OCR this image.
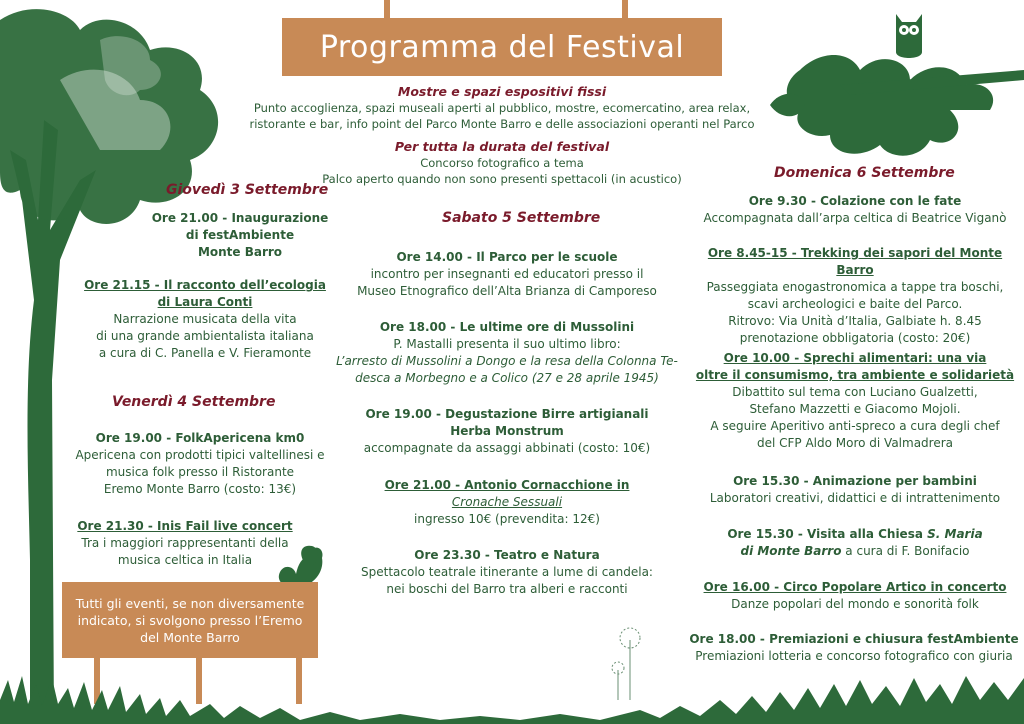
Programma del Festival
Mostre e spazi espositivi fissi
Punto accoglienza, spazi museali aperti al pubblico, mostre, ecomercatino, area relax,
ristorante e bar, info point del Parco Monte Barro e delle associazioni operanti nel Parco
Per tutta la durata del festival
Concorso fotografico a tema
Palco aperto quando non sono presenti spettacoli (in acustico)
Giovedì 3 Settembre
Ore 21.00 - Inaugurazione
di festAmbiente
Monte Barro
Ore 21.15 - Il racconto dell’ecologia
di Laura Conti
Narrazione musicata della vita
di una grande ambientalista italiana
a cura di C. Panella e V. Fieramonte
Venerdì 4 Settembre
Ore 19.00 - FolkApericena km0
Apericena con prodotti tipici valtellinesi e
musica folk presso il Ristorante
Eremo Monte Barro (costo: 13€)
Ore 21.30 - Inis Fail live concert
Tra i maggiori rappresentanti della
musica celtica in Italia
Tutti gli eventi, se non diversamente indicato, si svolgono presso l’Eremo del Monte Barro
Sabato 5 Settembre
Ore 14.00 - Il Parco per le scuole
incontro per insegnanti ed educatori presso il
Museo Etnografico dell’Alta Brianza di Camporeso
Ore 18.00 - Le ultime ore di Mussolini
P. Mastalli presenta il suo ultimo libro:
L’arresto di Mussolini a Dongo e la resa della Colonna Te-
desca a Morbegno e a Colico (27 e 28 aprile 1945)
Ore 19.00 - Degustazione Birre artigianali
Herba Monstrum
accompagnate da assaggi abbinati (costo: 10€)
Ore 21.00 - Antonio Cornacchione in
Cronache Sessuali
ingresso 10€ (prevendita: 12€)
Ore 23.30 - Teatro e Natura
Spettacolo teatrale itinerante a lume di candela:
nei boschi del Barro tra alberi e racconti
Domenica 6 Settembre
Ore 9.30 - Colazione con le fate
Accompagnata dall’arpa celtica di Beatrice Viganò
Ore 8.45-15 - Trekking dei sapori del Monte Barro
Passeggiata enogastronomica a tappe tra boschi,
scavi archeologici e baite del Parco.
Ritrovo: Via Unità d’Italia, Galbiate h. 8.45
prenotazione obbligatoria (costo: 20€)
Ore 10.00 - Sprechi alimentari: una via
oltre il consumismo, tra ambiente e solidarietà
Dibattito sul tema con Luciano Gualzetti,
Stefano Mazzetti e Giacomo Mojoli.
A seguire Aperitivo anti-spreco a cura degli chef
del CFP Aldo Moro di Valmadrera
Ore 15.30 - Animazione per bambini
Laboratori creativi, didattici e di intrattenimento
Ore 15.30 - Visita alla Chiesa S. Maria
di Monte Barro a cura di F. Bonifacio
Ore 16.00 - Circo Popolare Artico in concerto
Danze popolari del mondo e sonorità folk
Ore 18.00 - Premiazioni e chiusura festAmbiente
Premiazioni lotteria e concorso fotografico con giuria
